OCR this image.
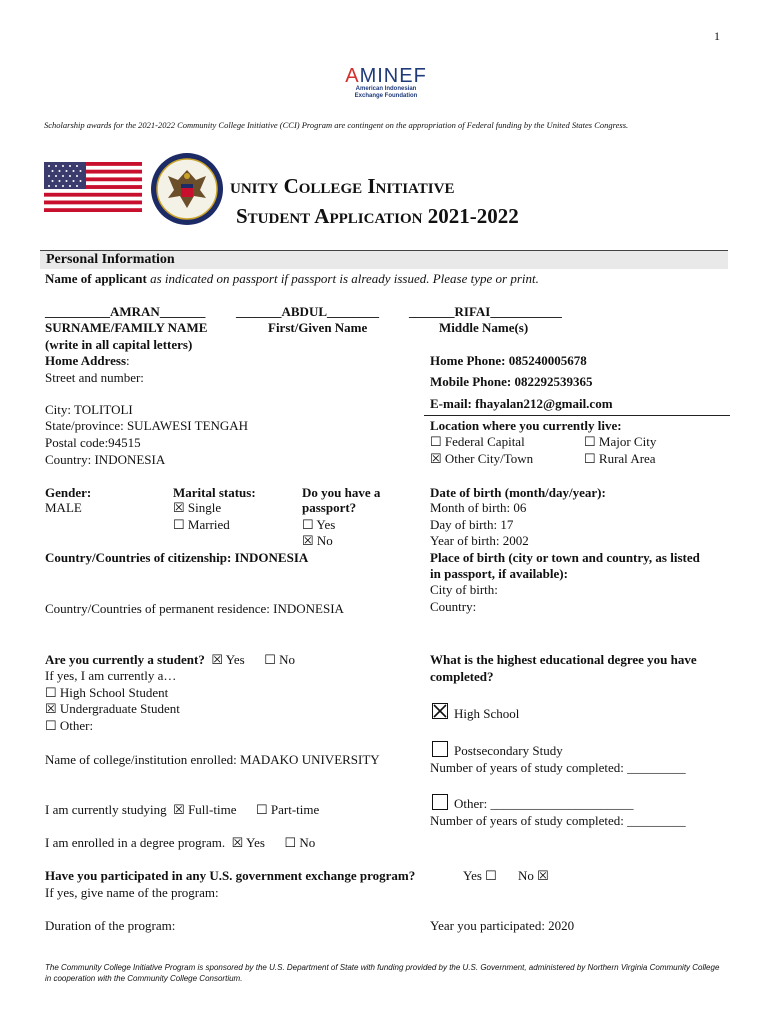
1
AMINEF
American Indonesian
Exchange Foundation
Scholarship awards for the 2021-2022 Community College Initiative (CCI) Program are contingent on the appropriation of Federal funding by the United States Congress.
unity College Initiative
Student Application 2021-2022
Personal Information
Name of applicant as indicated on passport if passport is already issued. Please type or print.
__________AMRAN_______ _______ABDUL________ _______RIFAI___________
SURNAME/FAMILY NAME
(write in all capital letters)
First/Given Name	Middle Name(s)
Home Address:
Street and number:
City: TOLITOLI
State/province: SULAWESI TENGAH
Postal code:94515
Country: INDONESIA
Home Phone: 085240005678
Mobile Phone: 082292539365
E-mail: fhayalan212@gmail.com
Location where you currently live:
☐ Federal Capital	☐ Major City
☒ Other City/Town	☐ Rural Area
Gender:
MALE
Marital status:
☒ Single
☐ Married
Do you have a
passport?
☐ Yes
☒ No
Date of birth (month/day/year):
Month of birth: 06
Day of birth: 17
Year of birth: 2002
Country/Countries of citizenship: INDONESIA	Place of birth (city or town and country, as listed
in passport, if available):
City of birth:
Country:
Country/Countries of permanent residence: INDONESIA
Are you currently a student? ☒ Yes ☐ No
If yes, I am currently a…
☐ High School Student
☒ Undergraduate Student
☐ Other:
What is the highest educational degree you have
completed?
High School
Postsecondary Study
Number of years of study completed: _________
Other: ______________________
Number of years of study completed: _________
Name of college/institution enrolled: MADAKO UNIVERSITY
I am currently studying ☒ Full-time ☐ Part-time
I am enrolled in a degree program. ☒ Yes ☐ No
Have you participated in any U.S. government exchange program?	Yes ☐ No ☒
If yes, give name of the program:
Duration of the program:	Year you participated: 2020
The Community College Initiative Program is sponsored by the U.S. Department of State with funding provided by the U.S. Government, administered by Northern Virginia Community College in cooperation with the Community College Consortium.
